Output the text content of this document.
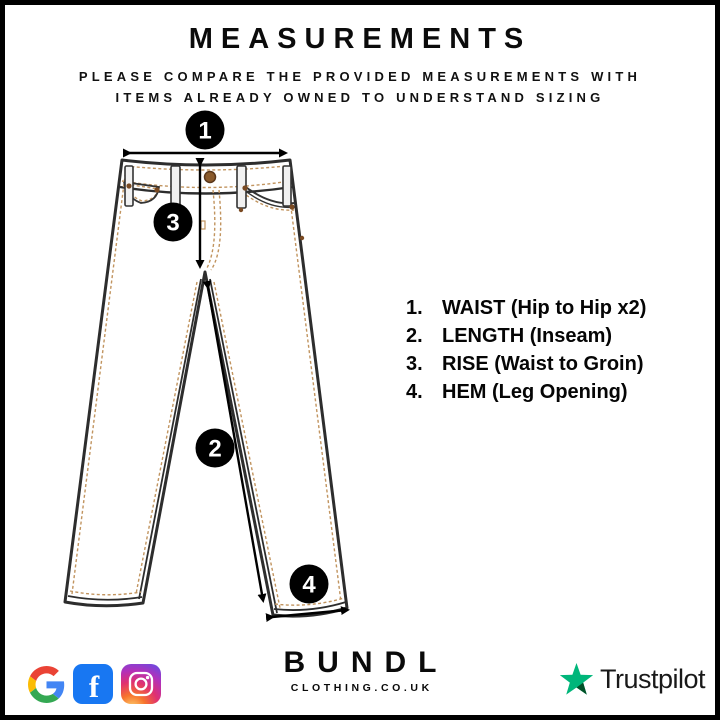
MEASUREMENTS
PLEASE COMPARE THE PROVIDED MEASUREMENTS WITH
ITEMS ALREADY OWNED TO UNDERSTAND SIZING
1
3
2
4
1. WAIST (Hip to Hip x2)
2. LENGTH (Inseam)
3. RISE (Waist to Groin)
4. HEM (Leg Opening)
f
BUNDL
CLOTHING.CO.UK	Trustpilot
